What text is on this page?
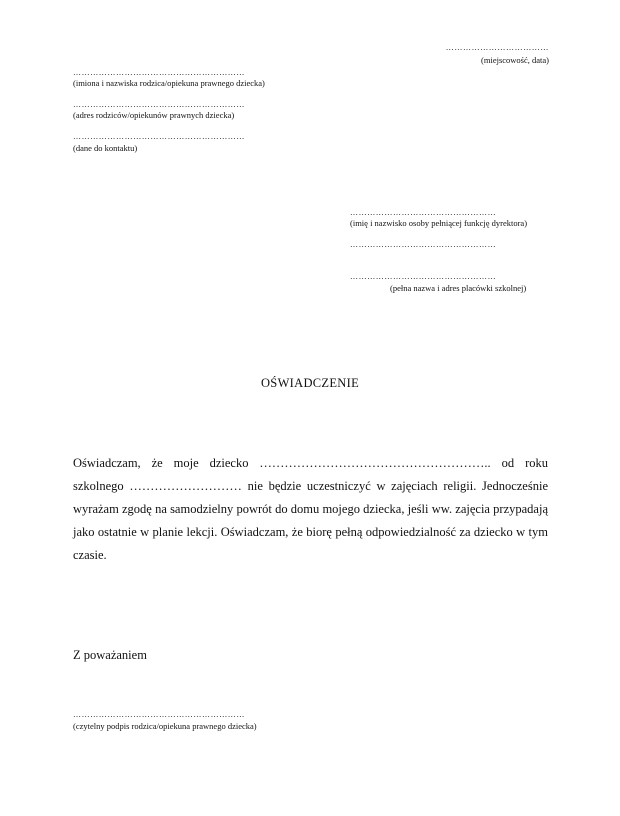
………………………………
(miejscowość, data)
……………………………………………………
(imiona i nazwiska rodzica/opiekuna prawnego dziecka)
……………………………………………………
(adres rodziców/opiekunów prawnych dziecka)
……………………………………………………
(dane do kontaktu)
……………………………………………
(imię i nazwisko osoby pełniącej funkcję dyrektora)
……………………………………………
……………………………………………
(pełna nazwa i adres placówki szkolnej)
OŚWIADCZENIE
Oświadczam, że moje dziecko ……………………………………………….. od roku szkolnego ……………………… nie będzie uczestniczyć w zajęciach religii. Jednocześnie wyrażam zgodę na samodzielny powrót do domu mojego dziecka, jeśli ww. zajęcia przypadają jako ostatnie w planie lekcji. Oświadczam, że biorę pełną odpowiedzialność za dziecko w tym czasie.
Z poważaniem
……………………………………………………
(czytelny podpis rodzica/opiekuna prawnego dziecka)
